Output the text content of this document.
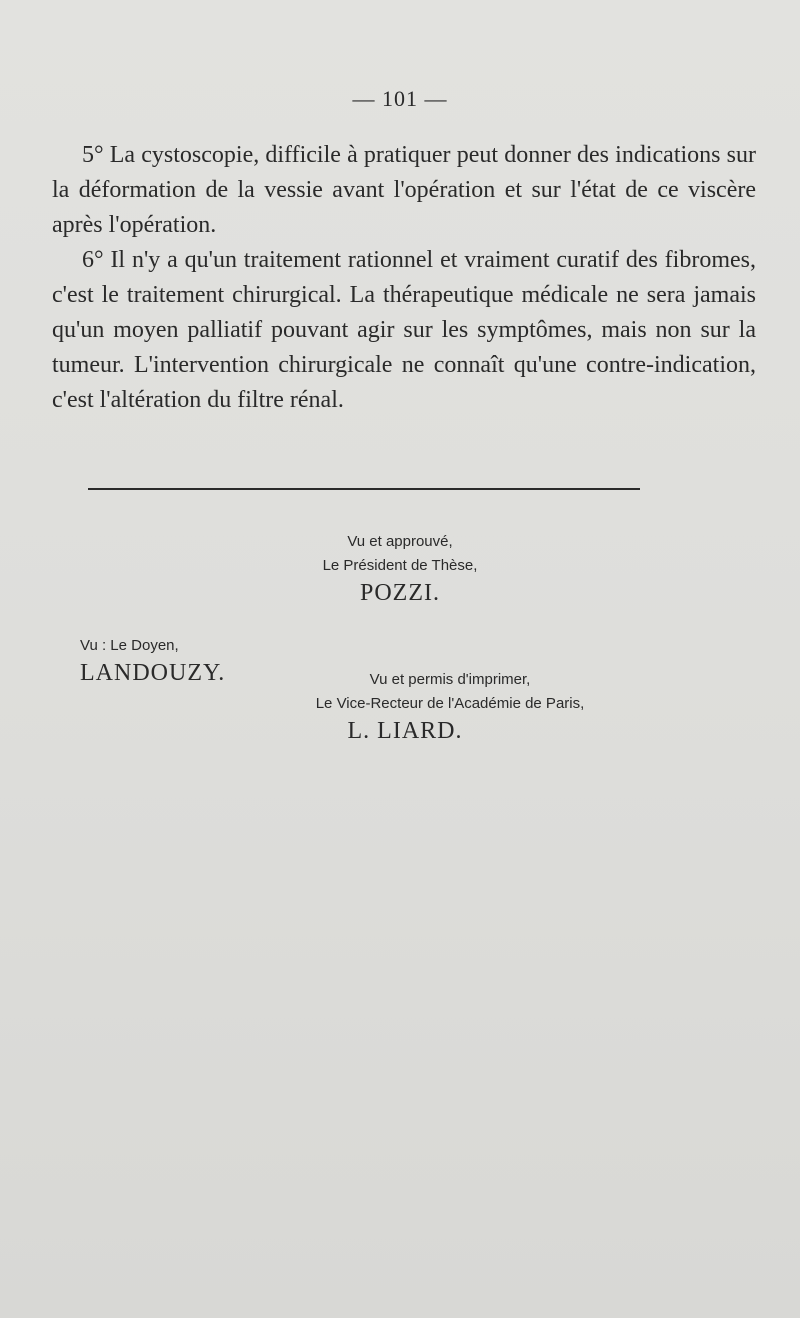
— 101 —

5° La cystoscopie, difficile à pratiquer peut donner des indications sur la déformation de la vessie avant l'opération et sur l'état de ce viscère après l'opération.

6° Il n'y a qu'un traitement rationnel et vraiment curatif des fibromes, c'est le traitement chirurgical. La thérapeutique médicale ne sera jamais qu'un moyen palliatif pouvant agir sur les symptômes, mais non sur la tumeur. L'intervention chirurgicale ne connaît qu'une contre-indication, c'est l'altération du filtre rénal.

Vu et approuvé,
Le Président de Thèse,
POZZI.
Vu : Le Doyen,
LANDOUZY.	Vu et permis d'imprimer,
Le Vice-Recteur de l'Académie de Paris,
L. LIARD.
